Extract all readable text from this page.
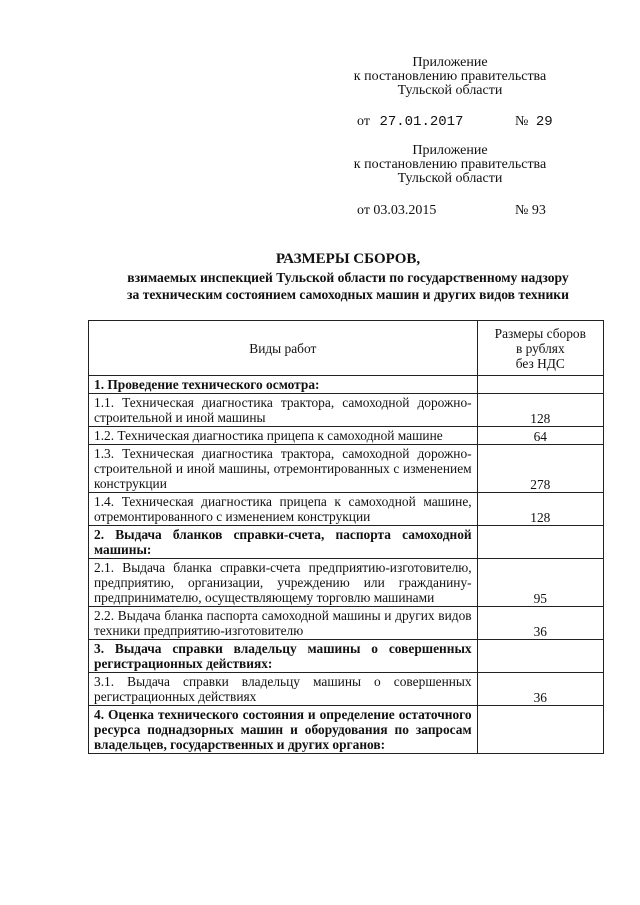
Приложение
к постановлению правительства
Тульской области
от 27.01.2017	№ 29
Приложение
к постановлению правительства
Тульской области
от 03.03.2015	№ 93
РАЗМЕРЫ СБОРОВ,
взимаемых инспекцией Тульской области по государственному надзору
за техническим состоянием самоходных машин и других видов техники
Виды работ	Размеры сборов
в рублях
без НДС

1. Проведение технического осмотра:	
1.1. Техническая диагностика трактора, самоходной дорожно-строительной и иной машины	128
1.2. Техническая диагностика прицепа к самоходной машине	64
1.3. Техническая диагностика трактора, самоходной дорожно-строительной и иной машины, отремонтированных с изменением конструкции	278
1.4. Техническая диагностика прицепа к самоходной машине, отремонтированного с изменением конструкции	128
2. Выдача бланков справки-счета, паспорта самоходной машины:	
2.1. Выдача бланка справки-счета предприятию-изготовителю, предприятию, организации, учреждению или гражданину-предпринимателю, осуществляющему торговлю машинами	95
2.2. Выдача бланка паспорта самоходной машины и других видов техники предприятию-изготовителю	36
3. Выдача справки владельцу машины о совершенных регистрационных действиях:	
3.1. Выдача справки владельцу машины о совершенных регистрационных действиях	36
4. Оценка технического состояния и определение остаточного ресурса поднадзорных машин и оборудования по запросам владельцев, государственных и других органов:	
